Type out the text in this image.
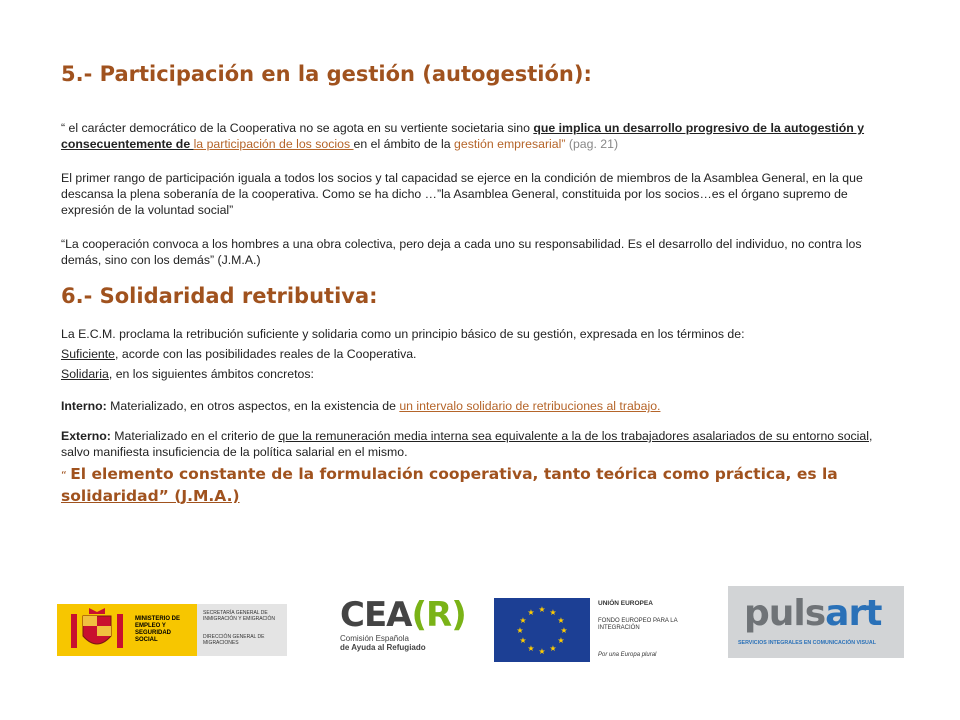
5.- Participación en la gestión (autogestión):

“ el carácter democrático de la Cooperativa no se agota en su vertiente societaria sino que implica un desarrollo progresivo de la autogestión y consecuentemente de la participación de los socios en el ámbito de la gestión empresarial” (pag. 21)

El primer rango de participación iguala a todos los socios y tal capacidad se ejerce en la condición de miembros de la Asamblea General, en la que descansa la plena soberanía de la cooperativa. Como se ha dicho …”la Asamblea General, constituida por los socios…es el órgano supremo de expresión de la voluntad social”

“La cooperación convoca a los hombres a una obra colectiva, pero deja a cada uno su responsabilidad. Es el desarrollo del individuo, no contra los demás, sino con los demás” (J.M.A.)

6.- Solidaridad retributiva:

La E.C.M. proclama la retribución suficiente y solidaria como un principio básico de su gestión, expresada en los términos de:

Suficiente, acorde con las posibilidades reales de la Cooperativa.

Solidaria, en los siguientes ámbitos concretos:

Interno: Materializado, en otros aspectos, en la existencia de un intervalo solidario de retribuciones al trabajo.

Externo: Materializado en el criterio de que la remuneración media interna sea equivalente a la de los trabajadores asalariados de su entorno social, salvo manifiesta insuficiencia de la política salarial en el mismo.

“ El elemento constante de la formulación cooperativa, tanto teórica como práctica, es la solidaridad” (J.M.A.)

MINISTERIO DE EMPLEO Y SEGURIDAD SOCIAL
SECRETARÍA GENERAL DE INMIGRACIÓN Y EMIGRACIÓN
DIRECCIÓN GENERAL DE MIGRACIONES
CEA(R)
Comisión Española
de Ayuda al Refugiado
★ ★
★
★
★
★
★
★
★
★
★
★
UNIÓN EUROPEA
FONDO EUROPEO PARA LA INTEGRACIÓN
Por una Europa plural
pulsart
SERVICIOS INTEGRALES EN COMUNICACIÓN VISUAL
